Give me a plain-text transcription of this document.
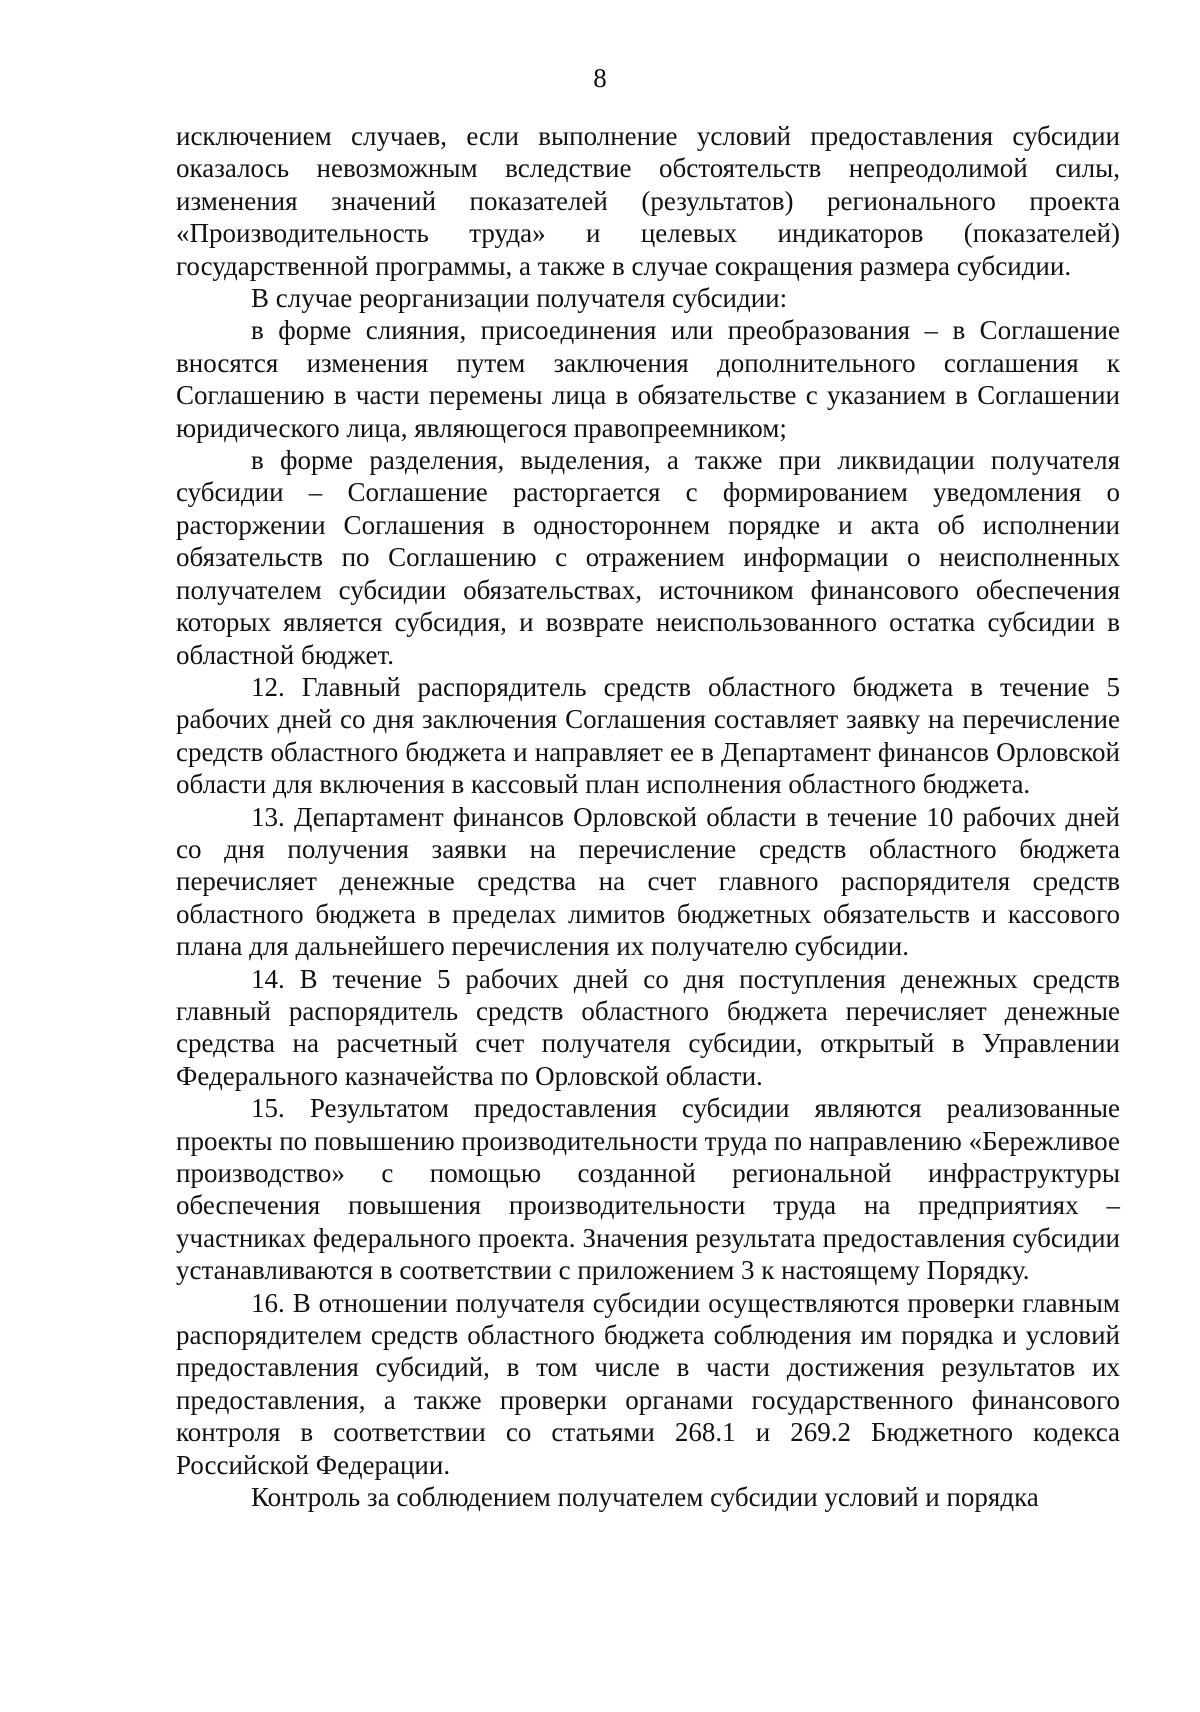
8

исключением случаев, если выполнение условий предоставления субсидии оказалось невозможным вследствие обстоятельств непреодолимой силы, изменения значений показателей (результатов) регионального проекта «Производительность труда» и целевых индикаторов (показателей) государственной программы, а также в случае сокращения размера субсидии.

В случае реорганизации получателя субсидии:

в форме слияния, присоединения или преобразования – в Соглашение вносятся изменения путем заключения дополнительного соглашения к Соглашению в части перемены лица в обязательстве с указанием в Соглашении юридического лица, являющегося правопреемником;

в форме разделения, выделения, а также при ликвидации получателя субсидии – Соглашение расторгается с формированием уведомления о расторжении Соглашения в одностороннем порядке и акта об исполнении обязательств по Соглашению с отражением информации о неисполненных получателем субсидии обязательствах, источником финансового обеспечения которых является субсидия, и возврате неиспользованного остатка субсидии в областной бюджет.

12. Главный распорядитель средств областного бюджета в течение 5 рабочих дней со дня заключения Соглашения составляет заявку на перечисление средств областного бюджета и направляет ее в Департамент финансов Орловской области для включения в кассовый план исполнения областного бюджета.

13. Департамент финансов Орловской области в течение 10 рабочих дней со дня получения заявки на перечисление средств областного бюджета перечисляет денежные средства на счет главного распорядителя средств областного бюджета в пределах лимитов бюджетных обязательств и кассового плана для дальнейшего перечисления их получателю субсидии.

14. В течение 5 рабочих дней со дня поступления денежных средств главный распорядитель средств областного бюджета перечисляет денежные средства на расчетный счет получателя субсидии, открытый в Управлении Федерального казначейства по Орловской области.

15. Результатом предоставления субсидии являются реализованные проекты по повышению производительности труда по направлению «Бережливое производство» с помощью созданной региональной инфраструктуры обеспечения повышения производительности труда на предприятиях – участниках федерального проекта. Значения результата предоставления субсидии устанавливаются в соответствии с приложением 3 к настоящему Порядку.

16. В отношении получателя субсидии осуществляются проверки главным распорядителем средств областного бюджета соблюдения им порядка и условий предоставления субсидий, в том числе в части достижения результатов их предоставления, а также проверки органами государственного финансового контроля в соответствии со статьями 268.1 и 269.2 Бюджетного кодекса Российской Федерации.

Контроль за соблюдением получателем субсидии условий и порядка
